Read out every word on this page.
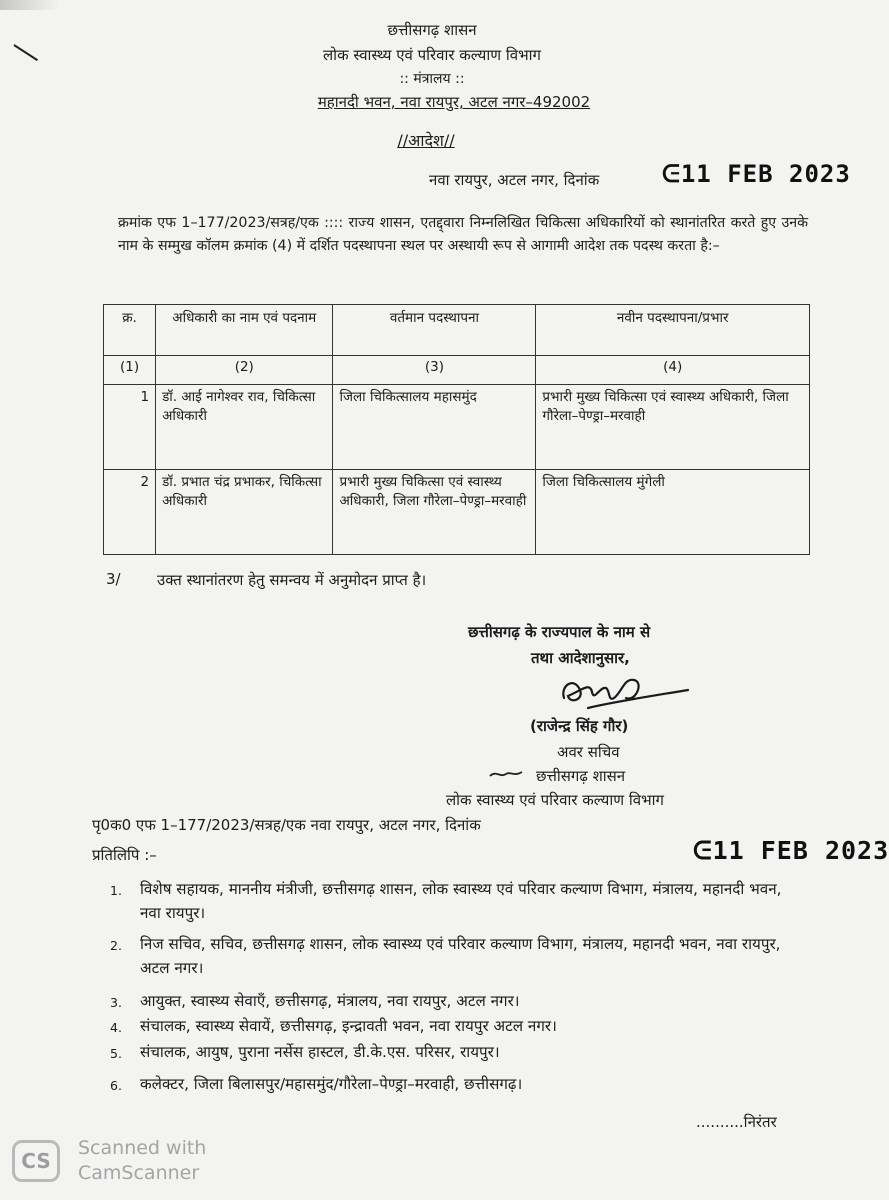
छत्तीसगढ़ शासन
लोक स्वास्थ्य एवं परिवार कल्याण विभाग
:: मंत्रालय ::
महानदी भवन, नवा रायपुर, अटल नगर–492002
//आदेश//
नवा रायपुर, अटल नगर, दिनांक	ᕮ11 FEB 2023
क्रमांक एफ 1–177/2023/सत्रह/एक :::: राज्य शासन, एतद्द्वारा निम्नलिखित चिकित्सा अधिकारियों को स्थानांतरित करते हुए उनके नाम के सम्मुख कॉलम क्रमांक (4) में दर्शित पदस्थापना स्थल पर अस्थायी रूप से आगामी आदेश तक पदस्थ करता है:–
क्र.	अधिकारी का नाम एवं पदनाम	वर्तमान पदस्थापना	नवीन पदस्थापना/प्रभार
(1)	(2)	(3)	(4)
1	डॉ. आई नागेश्वर राव, चिकित्सा अधिकारी	जिला चिकित्सालय महासमुंद	प्रभारी मुख्य चिकित्सा एवं स्वास्थ्य अधिकारी, जिला गौरेला–पेण्ड्रा–मरवाही
2	डॉ. प्रभात चंद्र प्रभाकर, चिकित्सा अधिकारी	प्रभारी मुख्य चिकित्सा एवं स्वास्थ्य अधिकारी, जिला गौरेला–पेण्ड्रा–मरवाही	जिला चिकित्सालय मुंगेली
3/ उक्त स्थानांतरण हेतु समन्वय में अनुमोदन प्राप्त है।
छत्तीसगढ़ के राज्यपाल के नाम से
तथा आदेशानुसार,
(राजेन्द्र सिंह गौर)
अवर सचिव
छत्तीसगढ़ शासन
लोक स्वास्थ्य एवं परिवार कल्याण विभाग
पृ0क0 एफ 1–177/2023/सत्रह/एक नवा रायपुर, अटल नगर, दिनांक
ᕮ11 FEB 2023
प्रतिलिपि :–
1. विशेष सहायक, माननीय मंत्रीजी, छत्तीसगढ़ शासन, लोक स्वास्थ्य एवं परिवार कल्याण विभाग, मंत्रालय, महानदी भवन, नवा रायपुर।
2. निज सचिव, सचिव, छत्तीसगढ़ शासन, लोक स्वास्थ्य एवं परिवार कल्याण विभाग, मंत्रालय, महानदी भवन, नवा रायपुर, अटल नगर।
3. आयुक्त, स्वास्थ्य सेवाएँ, छत्तीसगढ़, मंत्रालय, नवा रायपुर, अटल नगर।
4. संचालक, स्वास्थ्य सेवायें, छत्तीसगढ़, इन्द्रावती भवन, नवा रायपुर अटल नगर।
5. संचालक, आयुष, पुराना नर्सेस हास्टल, डी.के.एस. परिसर, रायपुर।
6. कलेक्टर, जिला बिलासपुर/महासमुंद/गौरेला–पेण्ड्रा–मरवाही, छत्तीसगढ़।
..........निरंतर
CS
Scanned with
CamScanner
